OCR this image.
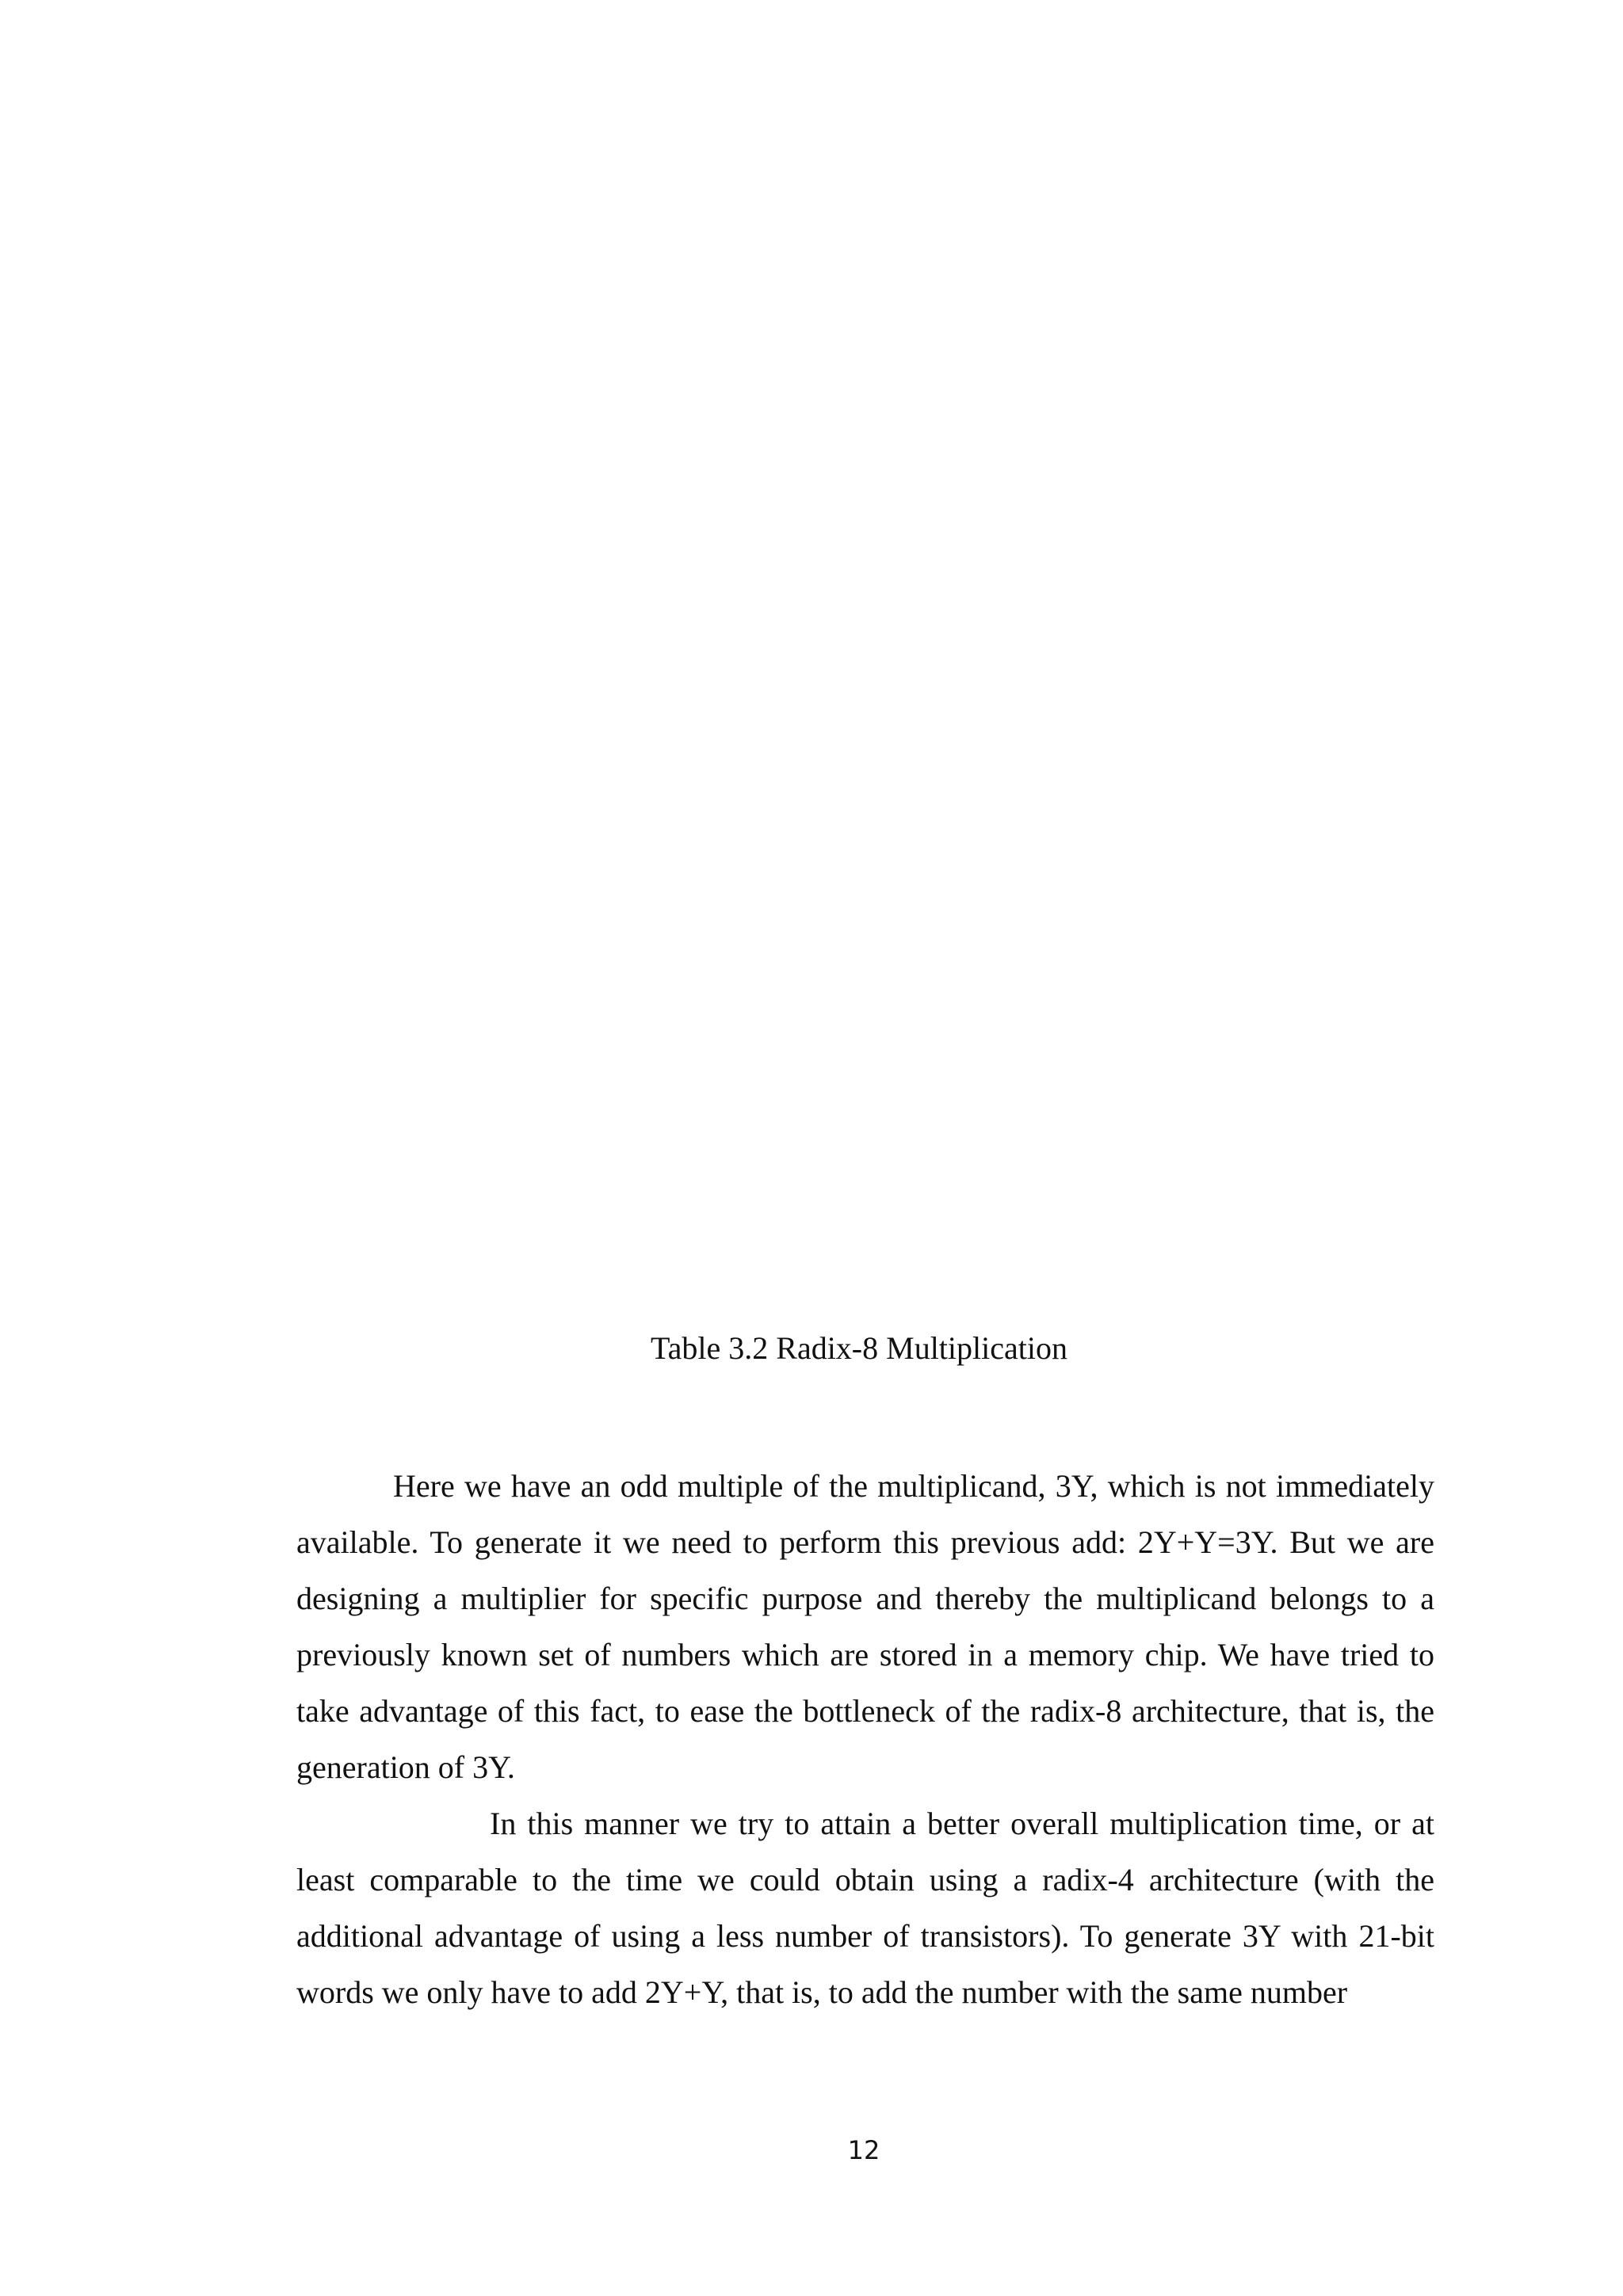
Table 3.2 Radix-8 Multiplication

Here we have an odd multiple of the multiplicand, 3Y, which is not immediately available. To generate it we need to perform this previous add: 2Y+Y=3Y. But we are designing a multiplier for specific purpose and thereby the multiplicand belongs to a previously known set of numbers which are stored in a memory chip. We have tried to take advantage of this fact, to ease the bottleneck of the radix-8 architecture, that is, the generation of 3Y.

In this manner we try to attain a better overall multiplication time, or at least comparable to the time we could obtain using a radix-4 architecture (with the additional advantage of using a less number of transistors). To generate 3Y with 21-bit words we only have to add 2Y+Y, that is, to add the number with the same number

12
